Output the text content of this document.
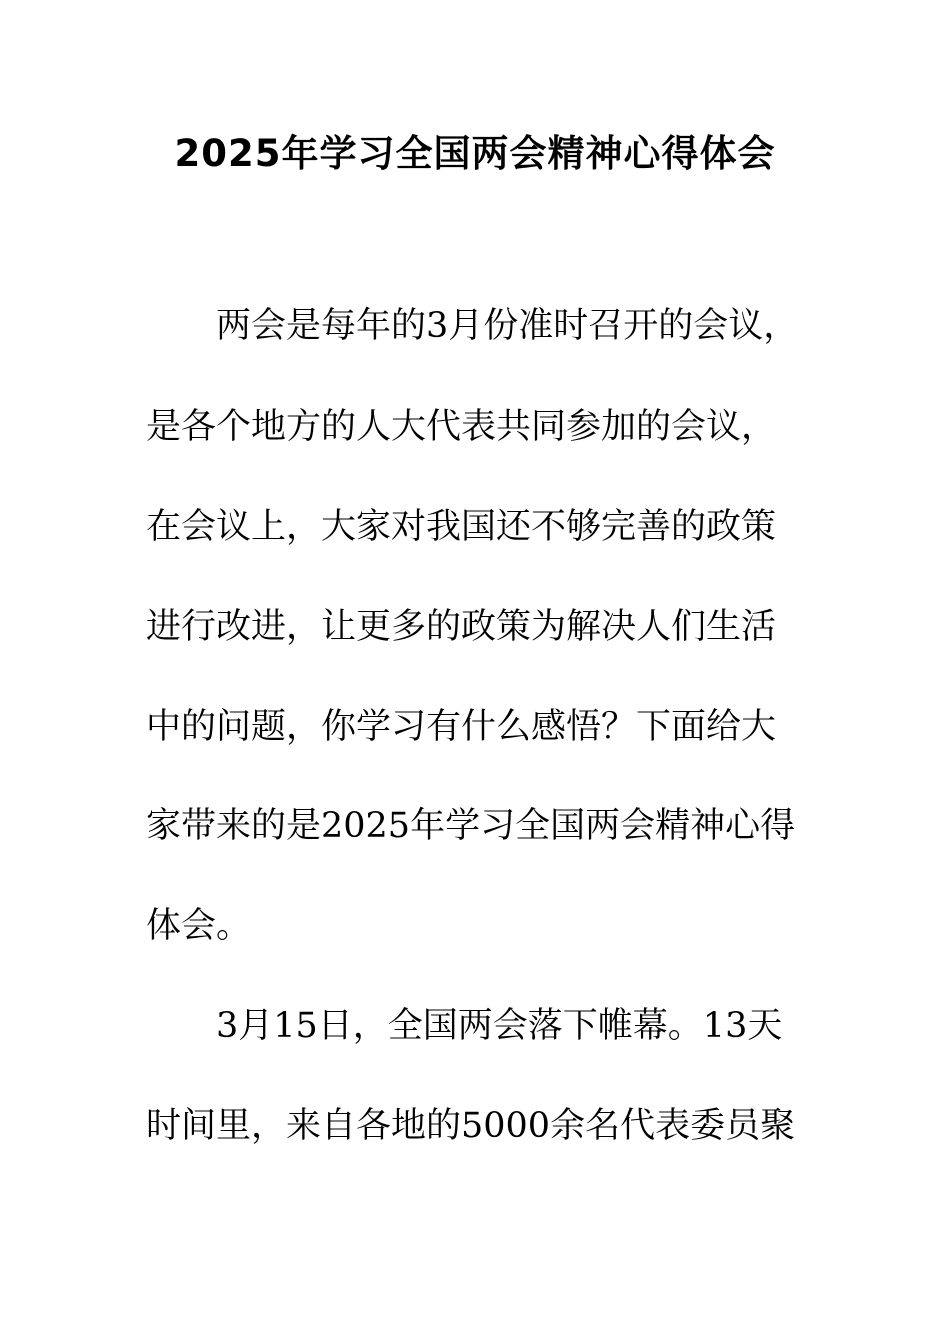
2025年学习全国两会精神心得体会

两会是每年的3月份准时召开的会议，

是各个地方的人大代表共同参加的会议，

在会议上，大家对我国还不够完善的政策

进行改进，让更多的政策为解决人们生活

中的问题，你学习有什么感悟？下面给大

家带来的是2025年学习全国两会精神心得

体会。

3月15日，全国两会落下帷幕。13天

时间里，来自各地的5000余名代表委员聚
